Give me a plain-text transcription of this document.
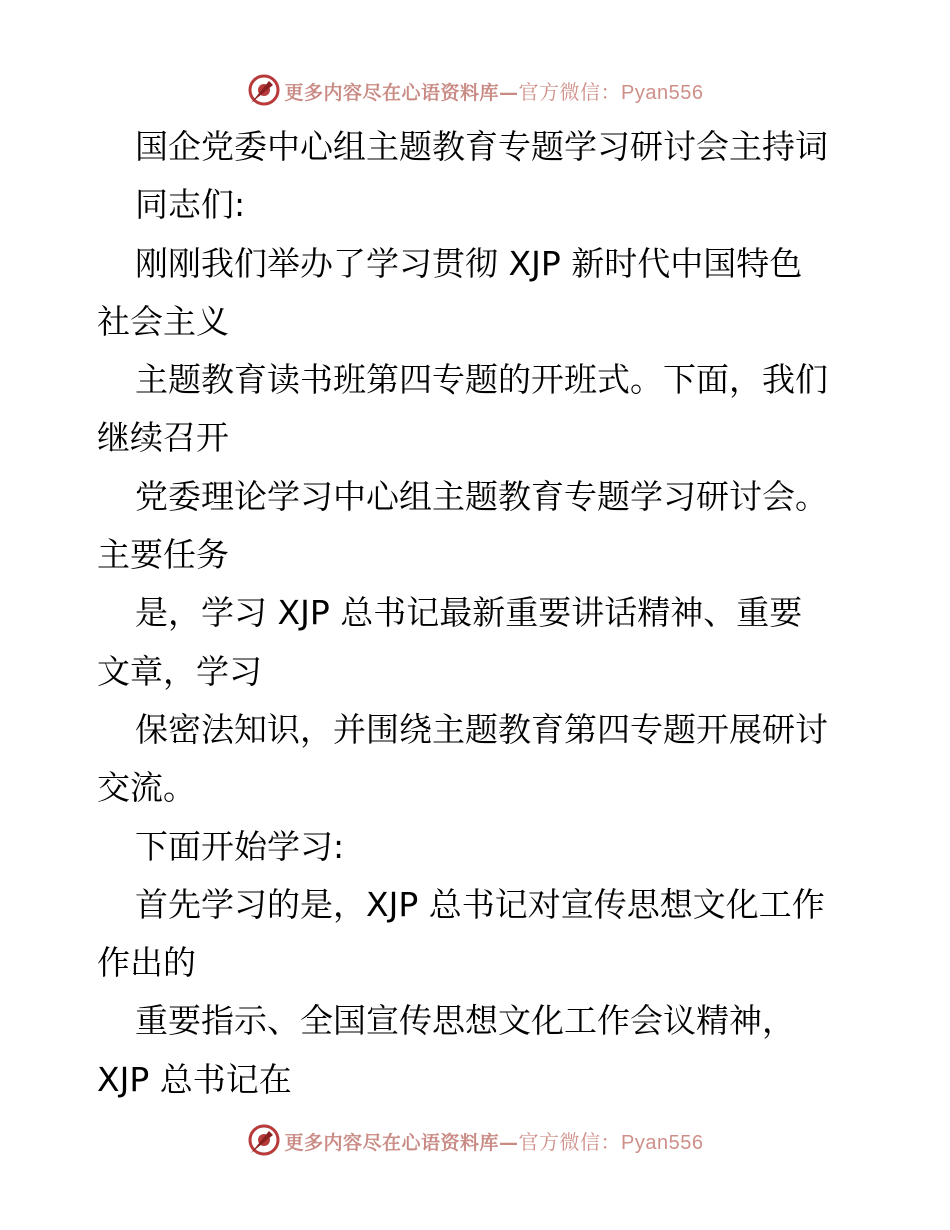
更多内容尽在心语资料库—官方微信：Pyan556

国企党委中心组主题教育专题学习研讨会主持词

同志们:

刚刚我们举办了学习贯彻 XJP 新时代中国特色

社会主义

主题教育读书班第四专题的开班式。下面，我们

继续召开

党委理论学习中心组主题教育专题学习研讨会。

主要任务

是，学习 XJP 总书记最新重要讲话精神、重要

文章，学习

保密法知识，并围绕主题教育第四专题开展研讨

交流。

下面开始学习:

首先学习的是，XJP 总书记对宣传思想文化工作

作出的

重要指示、全国宣传思想文化工作会议精神，

XJP 总书记在

更多内容尽在心语资料库—官方微信：Pyan556
